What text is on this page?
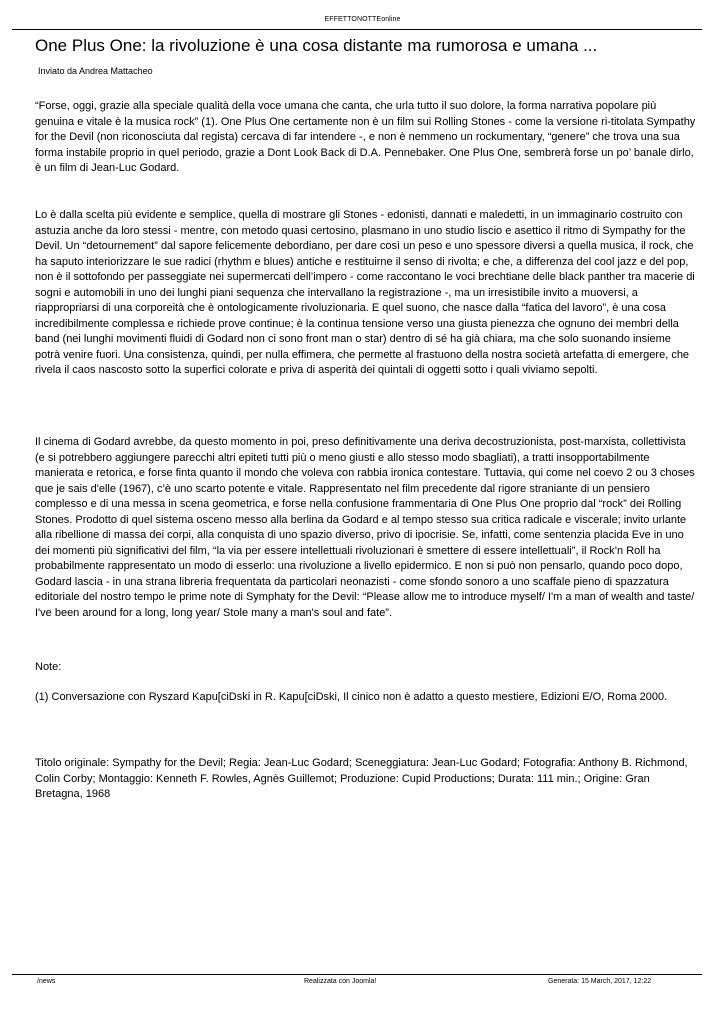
EFFETTONOTTEonline
One Plus One: la rivoluzione è una cosa distante ma rumorosa e umana ...
Inviato da Andrea Mattacheo

“Forse, oggi, grazie alla speciale qualità della voce umana che canta, che urla tutto il suo dolore, la forma narrativa popolare più genuina e vitale è la musica rock” (1). One Plus One certamente non è un film sui Rolling Stones - come la versione ri-titolata Sympathy for the Devil (non riconosciuta dal regista) cercava di far intendere -, e non è nemmeno un rockumentary, “genere” che trova una sua forma instabile proprio in quel periodo, grazie a Dont Look Back di D.A. Pennebaker. One Plus One, sembrerà forse un po’ banale dirlo, è un film di Jean-Luc Godard.

Lo è dalla scelta più evidente e semplice, quella di mostrare gli Stones - edonisti, dannati e maledetti, in un immaginario costruito con astuzia anche da loro stessi - mentre, con metodo quasi certosino, plasmano in uno studio liscio e asettico il ritmo di Sympathy for the Devil. Un “detournement” dal sapore felicemente debordiano, per dare così un peso e uno spessore diversi a quella musica, il rock, che ha saputo interiorizzare le sue radici (rhythm e blues) antiche e restituirne il senso di rivolta; e che, a differenza del cool jazz e del pop, non è il sottofondo per passeggiate nei supermercati dell’impero - come raccontano le voci brechtiane delle black panther tra macerie di sogni e automobili in uno dei lunghi piani sequenza che intervallano la registrazione -, ma un irresistibile invito a muoversi, a riappropriarsi di una corporeità che è ontologicamente rivoluzionaria. E quel suono, che nasce dalla “fatica del lavoro”, è una cosa incredibilmente complessa e richiede prove continue; è la continua tensione verso una giusta pienezza che ognuno dei membri della band (nei lunghi movimenti fluidi di Godard non ci sono front man o star) dentro di sé ha già chiara, ma che solo suonando insieme potrà venire fuori. Una consistenza, quindi, per nulla effimera, che permette al frastuono della nostra società artefatta di emergere, che rivela il caos nascosto sotto la superfici colorate e priva di asperità dei quintali di oggetti sotto i quali viviamo sepolti.

Il cinema di Godard avrebbe, da questo momento in poi, preso definitivamente una deriva decostruzionista, post-marxista, collettivista (e si potrebbero aggiungere parecchi altri epiteti tutti più o meno giusti e allo stesso modo sbagliati), a tratti insopportabilmente manierata e retorica, e forse finta quanto il mondo che voleva con rabbia ironica contestare. Tuttavia, qui come nel coevo 2 ou 3 choses que je sais d'elle (1967), c’è uno scarto potente e vitale. Rappresentato nel film precedente dal rigore straniante di un pensiero complesso e di una messa in scena geometrica, e forse nella confusione frammentaria di One Plus One proprio dal “rock” dei Rolling Stones. Prodotto di quel sistema osceno messo alla berlina da Godard e al tempo stesso sua critica radicale e viscerale; invito urlante alla ribellione di massa dei corpi, alla conquista di uno spazio diverso, privo di ipocrisie. Se, infatti, come sentenzia placida Eve in uno dei momenti più significativi del film, “la via per essere intellettuali rivoluzionari è smettere di essere intellettuali”, il Rock’n Roll ha probabilmente rappresentato un modo di esserlo: una rivoluzione a livello epidermico. E non si può non pensarlo, quando poco dopo, Godard lascia - in una strana libreria frequentata da particolari neonazisti - come sfondo sonoro a uno scaffale pieno di spazzatura editoriale del nostro tempo le prime note di Symphaty for the Devil: “Please allow me to introduce myself/ I'm a man of wealth and taste/ I've been around for a long, long year/ Stole many a man's soul and fate”.

Note:

(1) Conversazione con Ryszard Kapu[ciDski in R. Kapu[ciDski, Il cinico non è adatto a questo mestiere, Edizioni E/O, Roma 2000.

Titolo originale: Sympathy for the Devil; Regia: Jean-Luc Godard; Sceneggiatura: Jean-Luc Godard; Fotografia: Anthony B. Richmond, Colin Corby; Montaggio: Kenneth F. Rowles, Agnès Guillemot; Produzione: Cupid Productions; Durata: 111 min.; Origine: Gran Bretagna, 1968

/news	Realizzata con Joomla!	Generata: 15 March, 2017, 12:22
